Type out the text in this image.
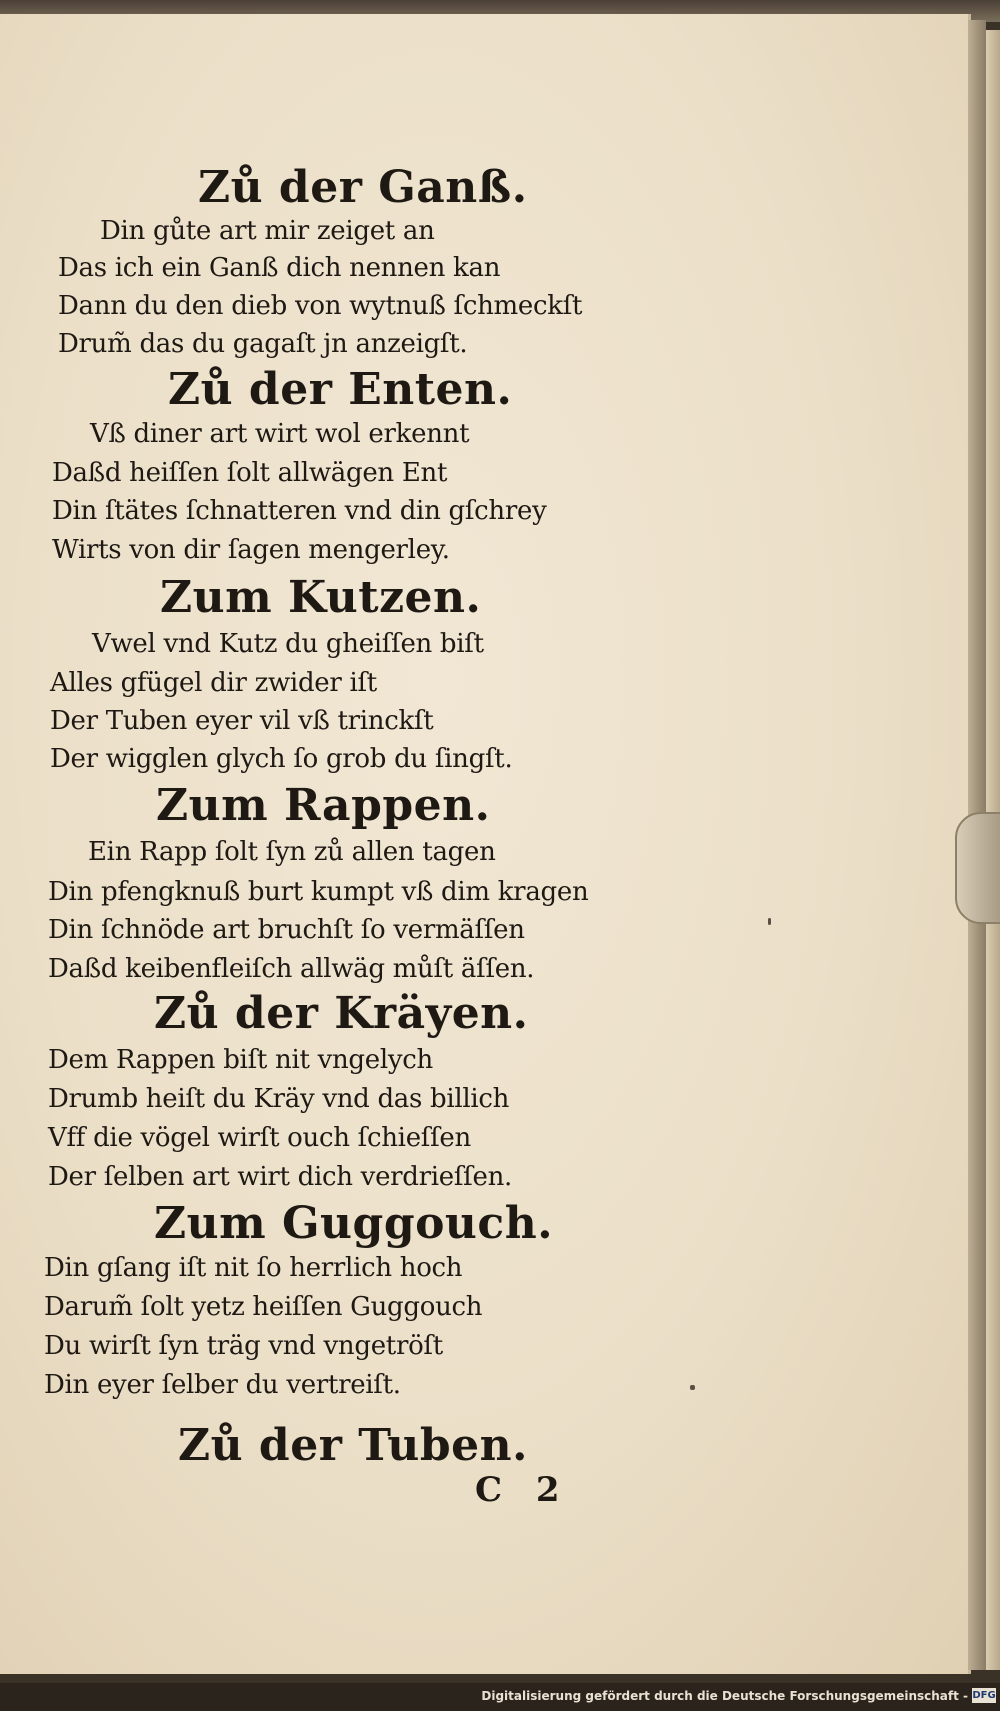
Zů der Ganß.
Din gůte art mir zeiget an
Das ich ein Ganß dich nennen kan
Dann du den dieb von wytnuß ſchmeckſt
Drum̃ das du gagaſt jn anzeigſt.
Zů der Enten.
Vß diner art wirt wol erkennt
Daßd heiſſen ſolt allwägen Ent
Din ſtätes ſchnatteren vnd din gſchrey
Wirts von dir ſagen mengerley.
Zum Kutzen.
Vwel vnd Kutz du gheiſſen biſt
Alles gfügel dir zwider iſt
Der Tuben eyer vil vß trinckſt
Der wigglen glych ſo grob du ſingſt.
Zum Rappen.
Ein Rapp ſolt ſyn zů allen tagen
Din pfengknuß burt kumpt vß dim kragen
Din ſchnöde art bruchſt ſo vermäſſen
Daßd keibenfleiſch allwäg můſt äſſen.
Zů der Kräyen.
Dem Rappen biſt nit vngelych
Drumb heiſt du Kräy vnd das billich
Vff die vögel wirſt ouch ſchieſſen
Der ſelben art wirt dich verdrieſſen.
Zum Guggouch.
Din gſang iſt nit ſo herrlich hoch
Darum̃ ſolt yetz heiſſen Guggouch
Du wirſt ſyn träg vnd vngetröſt
Din eyer ſelber du vertreiſt.
Zů der Tuben.
C 2
Digitalisierung gefördert durch die Deutsche Forschungsgemeinschaft - DFG
